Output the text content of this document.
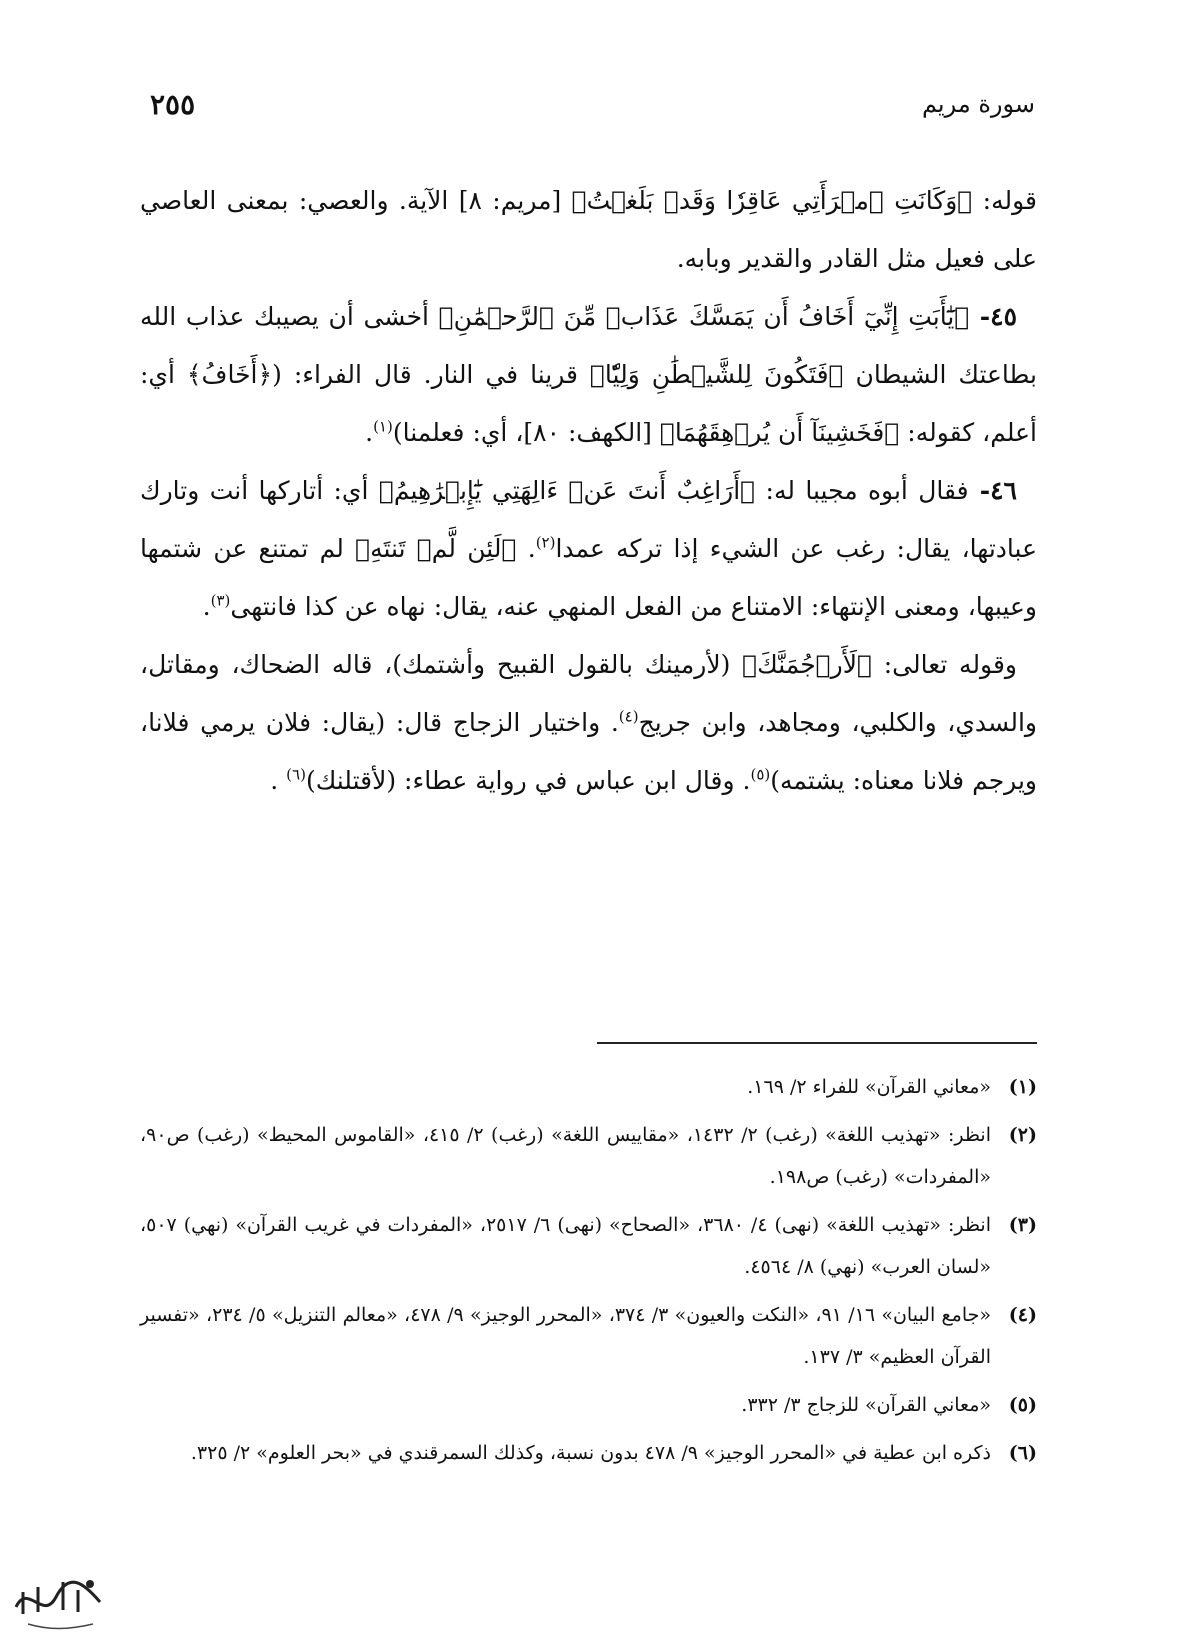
سورة مريم
٢٥٥

قوله: ﴿وَكَانَتِ ٱمۡرَأَتِي عَاقِرٗا وَقَدۡ بَلَغۡتُ﴾ [مريم: ٨] الآية. والعصي: بمعنى العاصي على فعيل مثل القادر والقدير وبابه.

٤٥- ﴿يَٰٓأَبَتِ إِنِّيٓ أَخَافُ أَن يَمَسَّكَ عَذَابٞ مِّنَ ٱلرَّحۡمَٰنِ﴾ أخشى أن يصيبك عذاب الله بطاعتك الشيطان ﴿فَتَكُونَ لِلشَّيۡطَٰنِ وَلِيّٗا﴾ قرينا في النار. قال الفراء: (﴿أَخَافُ﴾ أي: أعلم، كقوله: ﴿فَخَشِينَآ أَن يُرۡهِقَهُمَا﴾ [الكهف: ٨٠]، أي: فعلمنا)$^{(١)}$.

٤٦- فقال أبوه مجيبا له: ﴿أَرَاغِبٌ أَنتَ عَنۡ ءَالِهَتِي يَٰٓإِبۡرَٰهِيمُ﴾ أي: أتاركها أنت وتارك عبادتها، يقال: رغب عن الشيء إذا تركه عمدا$^{(٢)}$. ﴿لَئِن لَّمۡ تَنتَهِ﴾ لم تمتنع عن شتمها وعيبها، ومعنى الإنتهاء: الامتناع من الفعل المنهي عنه، يقال: نهاه عن كذا فانتهى$^{(٣)}$.

وقوله تعالى: ﴿لَأَرۡجُمَنَّكَ﴾ (لأرمينك بالقول القبيح وأشتمك)، قاله الضحاك، ومقاتل، والسدي، والكلبي، ومجاهد، وابن جريج$^{(٤)}$. واختيار الزجاج قال: (يقال: فلان يرمي فلانا، ويرجم فلانا معناه: يشتمه)$^{(٥)}$. وقال ابن عباس في رواية عطاء: (لأقتلنك)$^{(٦)}$ .

(١)
«معاني القرآن» للفراء ٢/ ١٦٩.
(٢)
انظر: «تهذيب اللغة» (رغب) ٢/ ١٤٣٢، «مقاييس اللغة» (رغب) ٢/ ٤١٥، «القاموس المحيط» (رغب) ص٩٠، «المفردات» (رغب) ص١٩٨.
(٣)
انظر: «تهذيب اللغة» (نهى) ٤/ ٣٦٨٠، «الصحاح» (نهى) ٦/ ٢٥١٧، «المفردات في غريب القرآن» (نهي) ٥٠٧، «لسان العرب» (نهي) ٨/ ٤٥٦٤.
(٤)
«جامع البيان» ١٦/ ٩١، «النكت والعيون» ٣/ ٣٧٤، «المحرر الوجيز» ٩/ ٤٧٨، «معالم التنزيل» ٥/ ٢٣٤، «تفسير القرآن العظيم» ٣/ ١٣٧.
(٥)
«معاني القرآن» للزجاج ٣/ ٣٣٢.
(٦)
ذكره ابن عطية في «المحرر الوجيز» ٩/ ٤٧٨ بدون نسبة، وكذلك السمرقندي في «بحر العلوم» ٢/ ٣٢٥.
